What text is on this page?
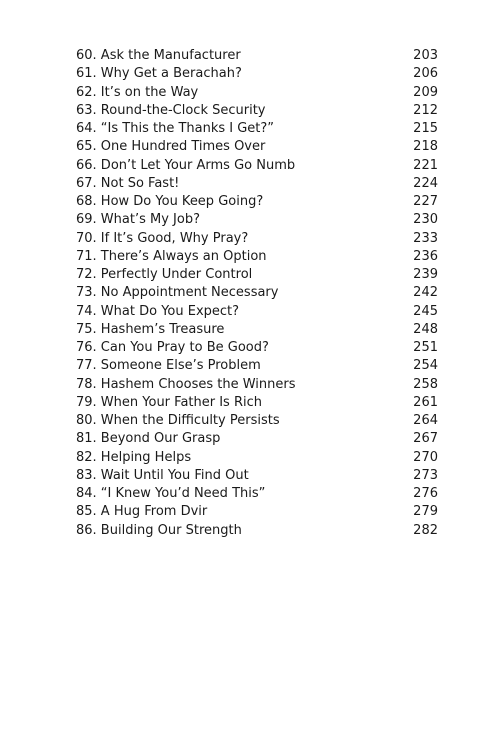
60. Ask the Manufacturer	203
61. Why Get a Berachah?	206
62. It’s on the Way	209
63. Round-the-Clock Security	212
64. “Is This the Thanks I Get?”	215
65. One Hundred Times Over	218
66. Don’t Let Your Arms Go Numb	221
67. Not So Fast!	224
68. How Do You Keep Going?	227
69. What’s My Job?	230
70. If It’s Good, Why Pray?	233
71. There’s Always an Option	236
72. Perfectly Under Control	239
73. No Appointment Necessary	242
74. What Do You Expect?	245
75. Hashem’s Treasure	248
76. Can You Pray to Be Good?	251
77. Someone Else’s Problem	254
78. Hashem Chooses the Winners	258
79. When Your Father Is Rich	261
80. When the Difficulty Persists	264
81. Beyond Our Grasp	267
82. Helping Helps	270
83. Wait Until You Find Out	273
84. “I Knew You’d Need This”	276
85. A Hug From Dvir	279
86. Building Our Strength	282
